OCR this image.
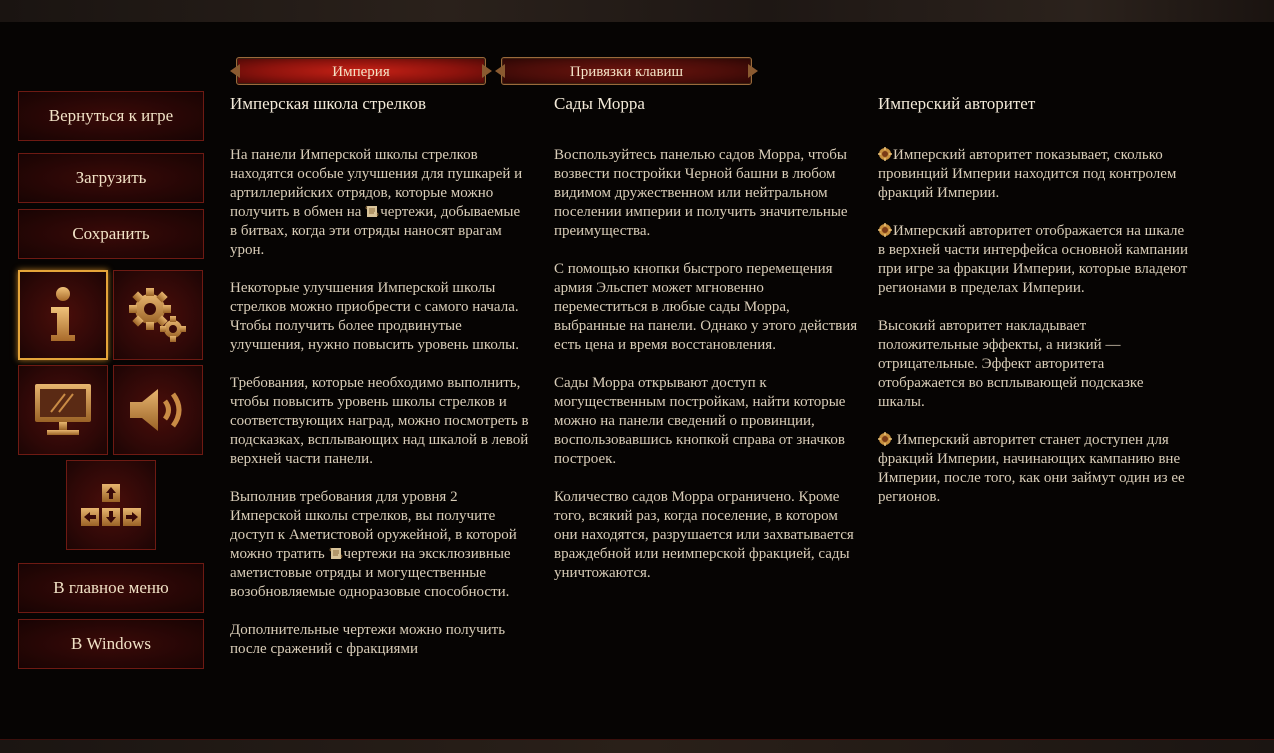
Империя	Привязки клавиш
Вернуться к игре
Загрузить
Сохранить
В главное меню
В Windows
Имперская школа стрелков

На панели Имперской школы стрелков находятся особые улучшения для пушкарей и артиллерийских отрядов, которые можно получить в обмен на чертежи, добываемые в битвах, когда эти отряды наносят врагам урон.

Некоторые улучшения Имперской школы стрелков можно приобрести с самого начала. Чтобы получить более продвинутые улучшения, нужно повысить уровень школы.

Требования, которые необходимо выполнить, чтобы повысить уровень школы стрелков и соответствующих наград, можно посмотреть в подсказках, всплывающих над шкалой в левой верхней части панели.

Выполнив требования для уровня 2 Имперской школы стрелков, вы получите доступ к Аметистовой оружейной, в которой можно тратить чертежи на эксклюзивные аметистовые отряды и могущественные возобновляемые одноразовые способности.

Дополнительные чертежи можно получить после сражений с фракциями

Сады Морра

Воспользуйтесь панелью садов Морра, чтобы возвести постройки Черной башни в любом видимом дружественном или нейтральном поселении империи и получить значительные преимущества.

С помощью кнопки быстрого перемещения армия Эльспет может мгновенно переместиться в любые сады Морра, выбранные на панели. Однако у этого действия есть цена и время восстановления.

Сады Морра открывают доступ к могущественным постройкам, найти которые можно на панели сведений о провинции, воспользовавшись кнопкой справа от значков построек.

Количество садов Морра ограничено. Кроме того, всякий раз, когда поселение, в котором они находятся, разрушается или захватывается враждебной или неимперской фракцией, сады уничтожаются.

Имперский авторитет

Имперский авторитет показывает, сколько провинций Империи находится под контролем фракций Империи.

Имперский авторитет отображается на шкале в верхней части интерфейса основной кампании при игре за фракции Империи, которые владеют регионами в пределах Империи.

Высокий авторитет накладывает положительные эффекты, а низкий — отрицательные. Эффект авторитета отображается во всплывающей подсказке шкалы.

Имперский авторитет станет доступен для фракций Империи, начинающих кампанию вне Империи, после того, как они займут один из ее регионов.
